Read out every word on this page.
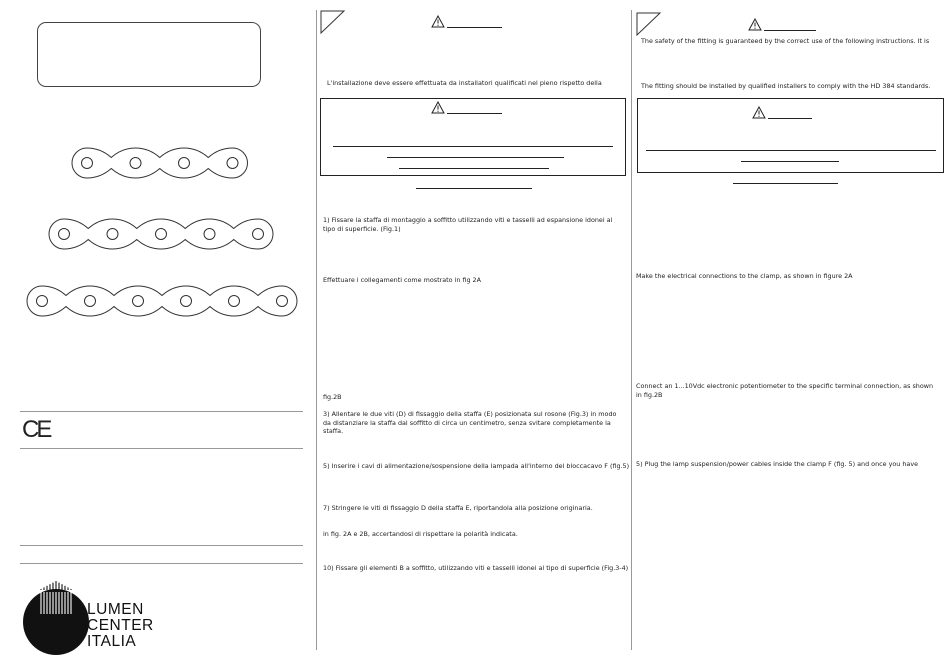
CE
LUMEN
CENTER
ITALIA
L'installazione deve essere effettuata da installatori qualificati nel pieno rispetto della
1) Fissare la staffa di montaggio a soffitto utilizzando viti e tasselli ad espansione idonei al tipo di superficie. (Fig.1)
Effettuare i collegamenti come mostrato in fig 2A
fig.2B
3) Allentare le due viti (D) di fissaggio della staffa (E) posizionata sul rosone (Fig.3) in modo da distanziare la staffa dal soffitto di circa un centimetro, senza svitare completamente la staffa.
5) Inserire i cavi di alimentazione/sospensione della lampada all'interno del bloccacavo F (fig.5)
7) Stringere le viti di fissaggio D della staffa E, riportandola alla posizione originaria.
in fig. 2A e 2B, accertandosi di rispettare la polarità indicata.
10) Fissare gli elementi B a soffitto, utilizzando viti e tasselli idonei al tipo di superficie (Fig.3-4)
The safety of the fitting is guaranteed by the correct use of the following instructions. It is
The fitting should be installed by qualified installers to comply with the HD 384 standards.
Make the electrical connections to the clamp, as shown in figure 2A
Connect an 1...10Vdc electronic potentiometer to the specific terminal connection, as shown in fig.2B
5) Plug the lamp suspension/power cables inside the clamp F (fig. 5) and once you have
